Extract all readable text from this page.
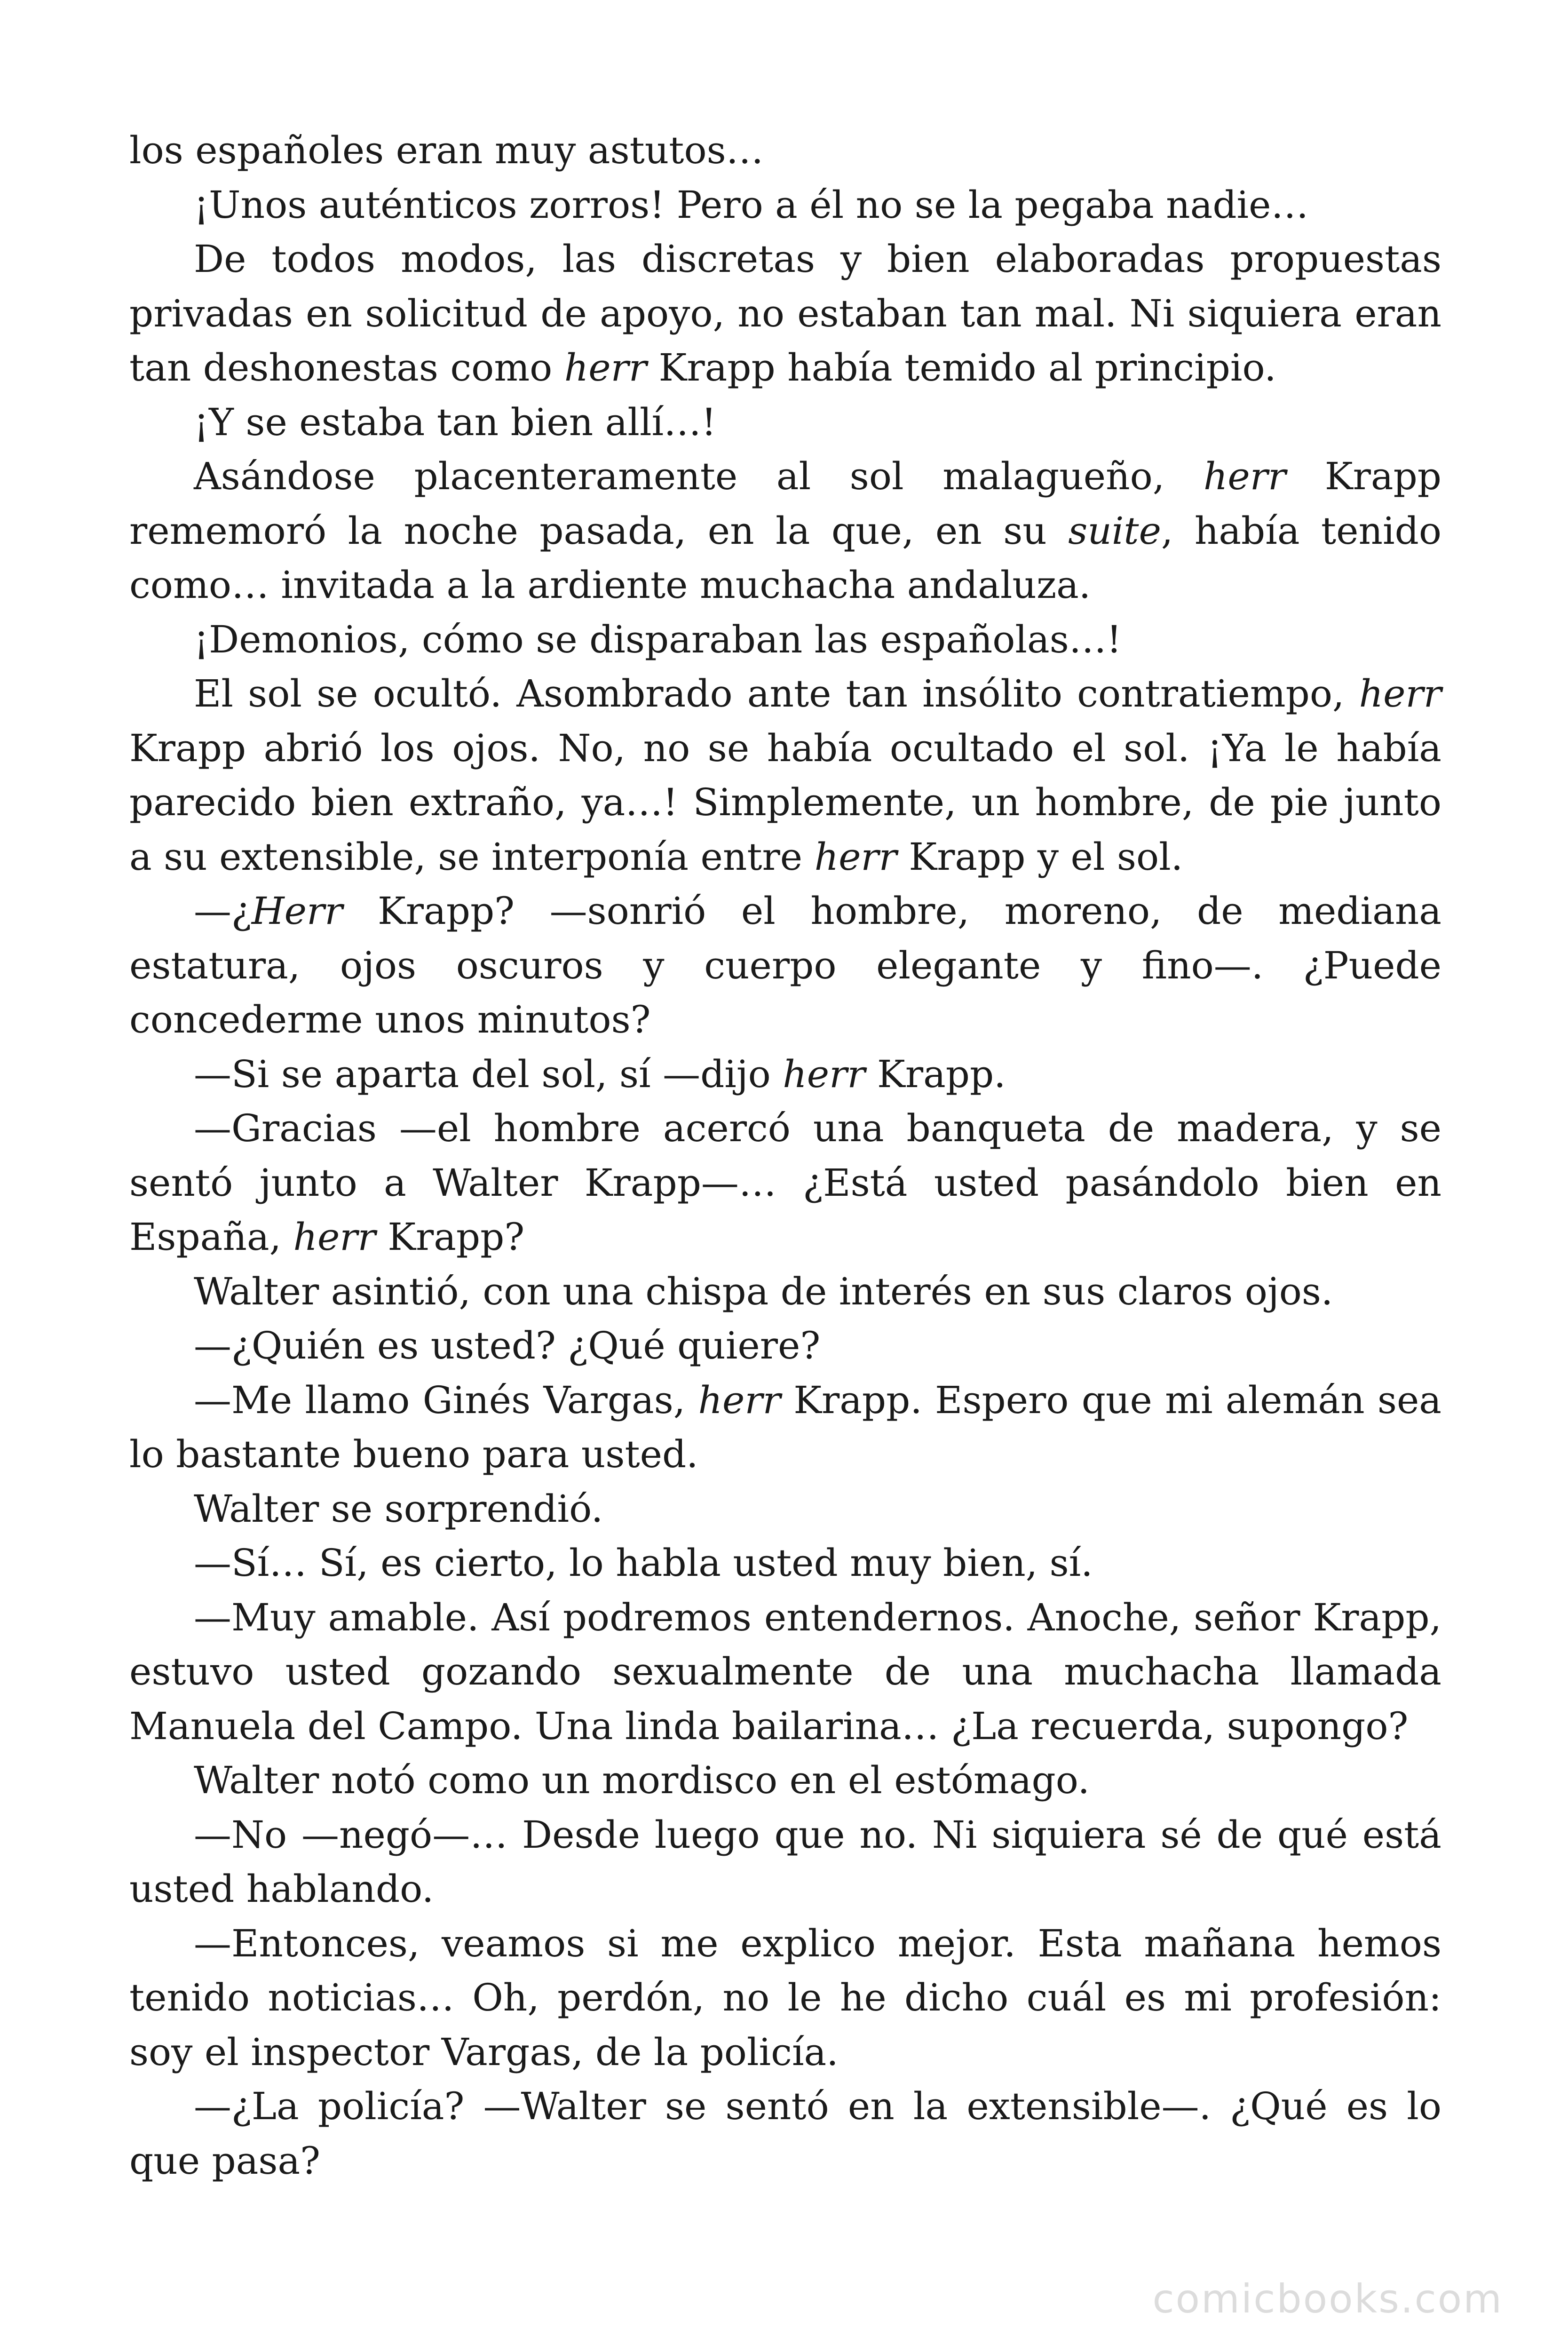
los españoles eran muy astutos…

¡Unos auténticos zorros! Pero a él no se la pegaba nadie…

De todos modos, las discretas y bien elaboradas propuestas privadas en solicitud de apoyo, no estaban tan mal. Ni siquiera eran tan deshonestas como herr Krapp había temido al principio.

¡Y se estaba tan bien allí…!

Asándose placenteramente al sol malagueño, herr Krapp rememoró la noche pasada, en la que, en su suite, había tenido como… invitada a la ardiente muchacha andaluza.

¡Demonios, cómo se disparaban las españolas…!

El sol se ocultó. Asombrado ante tan insólito contratiempo, herr Krapp abrió los ojos. No, no se había ocultado el sol. ¡Ya le había parecido bien extraño, ya…! Simplemente, un hombre, de pie junto a su extensible, se interponía entre herr Krapp y el sol.

—¿Herr Krapp? —sonrió el hombre, moreno, de mediana estatura, ojos oscuros y cuerpo elegante y fino—. ¿Puede concederme unos minutos?

—Si se aparta del sol, sí —dijo herr Krapp.

—Gracias —el hombre acercó una banqueta de madera, y se sentó junto a Walter Krapp—… ¿Está usted pasándolo bien en España, herr Krapp?

Walter asintió, con una chispa de interés en sus claros ojos.

—¿Quién es usted? ¿Qué quiere?

—Me llamo Ginés Vargas, herr Krapp. Espero que mi alemán sea lo bastante bueno para usted.

Walter se sorprendió.

—Sí… Sí, es cierto, lo habla usted muy bien, sí.

—Muy amable. Así podremos entendernos. Anoche, señor Krapp, estuvo usted gozando sexualmente de una muchacha llamada Manuela del Campo. Una linda bailarina… ¿La recuerda, supongo?

Walter notó como un mordisco en el estómago.

—No —negó—… Desde luego que no. Ni siquiera sé de qué está usted hablando.

—Entonces, veamos si me explico mejor. Esta mañana hemos tenido noticias… Oh, perdón, no le he dicho cuál es mi profesión: soy el inspector Vargas, de la policía.

—¿La policía? —Walter se sentó en la extensible—. ¿Qué es lo que pasa?

comicbooks.com
